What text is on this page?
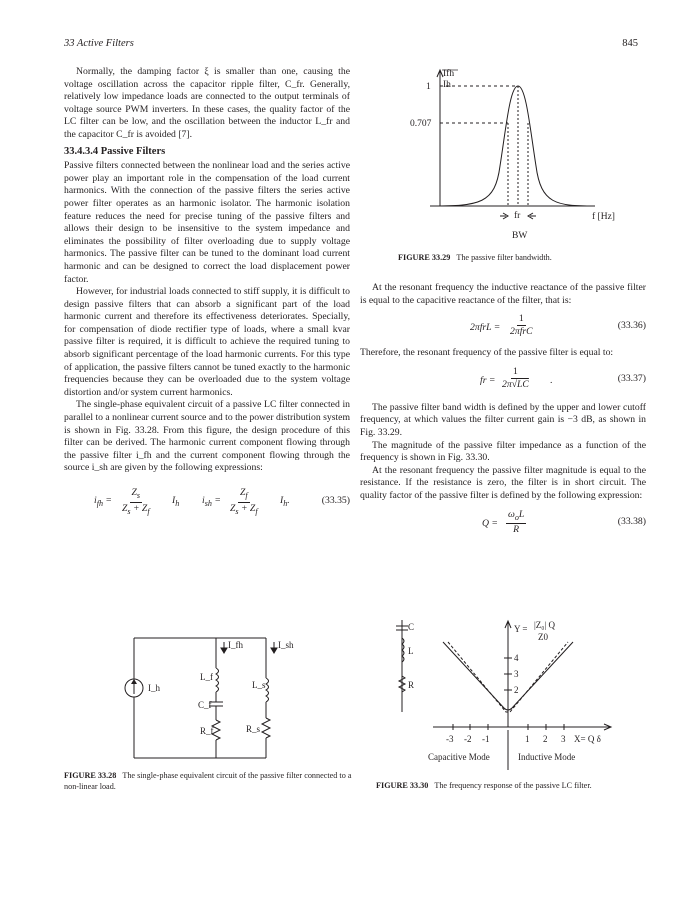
33 Active Filters	845

Normally, the damping factor ξ is smaller than one, causing the voltage oscillation across the capacitor ripple filter, C_fr. Generally, relatively low impedance loads are connected to the output terminals of voltage source PWM inverters. In these cases, the quality factor of the LC filter can be low, and the oscillation between the inductor L_fr and the capacitor C_fr is avoided [7].

33.4.3.4 Passive Filters

Passive filters connected between the nonlinear load and the series active power play an important role in the compensation of the load current harmonics. With the connection of the passive filters the series active power filter operates as an harmonic isolator. The harmonic isolation feature reduces the need for precise tuning of the passive filters and allows their design to be insensitive to the system impedance and eliminates the possibility of filter overloading due to supply voltage harmonics. The passive filter can be tuned to the dominant load current harmonic and can be designed to correct the load displacement power factor.

However, for industrial loads connected to stiff supply, it is difficult to design passive filters that can absorb a significant part of the load harmonic current and therefore its effectiveness deteriorates. Specially, for compensation of diode rectifier type of loads, where a small kvar passive filter is required, it is difficult to achieve the required tuning to absorb significant percentage of the load harmonic currents. For this type of application, the passive filters cannot be tuned exactly to the harmonic frequencies because they can be overloaded due to the system voltage distortion and/or system current harmonics.

The single-phase equivalent circuit of a passive LC filter connected in parallel to a nonlinear current source and to the power distribution system is shown in Fig. 33.28. From this figure, the design procedure of this filter can be derived. The harmonic current component flowing through the passive filter i_fh and the current component flowing through the source i_sh are given by the following expressions:

$i_{fh} = \frac{Z_s}{Z_s + Z_f} I_h$ $i_{sh} = \frac{Z_f}{Z_s + Z_f} I_h$.	(33.35)
I_fh	I_sh
I_h
L_f
L_s
C_f
R_f	R_s
FIGURE 33.28 The single-phase equivalent circuit of the passive filter connected to a non-linear load.
Ifh
Ih
1
0.707
fr	f [Hz]
BW
FIGURE 33.29 The passive filter bandwidth.

At the resonant frequency the inductive reactance of the passive filter is equal to the capacitive reactance of the filter, that is:

2πfrL =
1
2πfrC
(33.36)

Therefore, the resonant frequency of the passive filter is equal to:

fr = $\frac{1}{2\pi√LC}$ .	(33.37)

The passive filter band width is defined by the upper and lower cutoff frequency, at which values the filter current gain is −3 dB, as shown in Fig. 33.29.

The magnitude of the passive filter impedance as a function of the frequency is shown in Fig. 33.30.

At the resonant frequency the passive filter magnitude is equal to the resistance. If the resistance is zero, the filter is in short circuit. The quality factor of the passive filter is defined by the following expression:

Q =
$\omega_oL$
R
(33.38)
C
L
R
Y = |Z₀| Q
Z0
4
3
2
-3 -2 -1	1 2 3 X= Q δ
Capacitive Mode	Inductive Mode
FIGURE 33.30 The frequency response of the passive LC filter.
